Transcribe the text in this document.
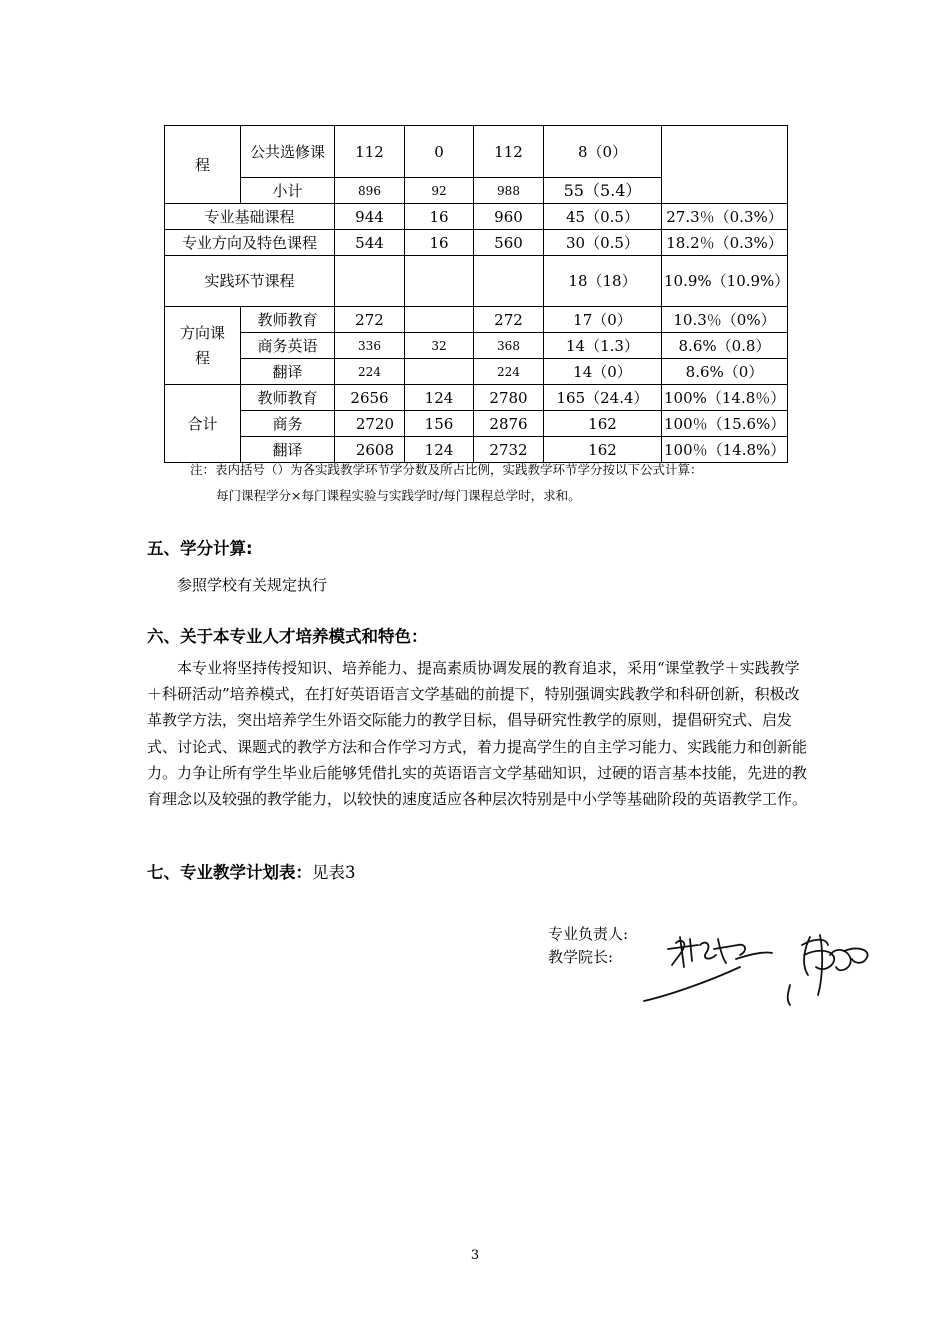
程	公共选修课	112	0	112	8（0）	
	小计	896	92	988	55（5.4）	
专业基础课程		944	16	960	45（0.5）	27.3％（0.3%）
专业方向及特色课程		544	16	560	30（0.5）	18.2％（0.3%）
实践环节课程					18（18）	10.9%（10.9%）
方向课程	教师教育	272		272	17（0）	10.3％（0%）
	商务英语	336	32	368	14（1.3）	8.6%（0.8）
	翻译	224		224	14（0）	8.6%（0）
合计	教师教育	2656	124	2780	165（24.4）	100%（14.8％）
	商务	2720	156	2876	162	100％（15.6%）
	翻译	2608	124	2732	162	100％（14.8%）
注：表内括号（）为各实践教学环节学分数及所占比例，实践教学环节学分按以下公式计算：
每门课程学分×每门课程实验与实践学时/每门课程总学时，求和。
五、学分计算:
参照学校有关规定执行
六、关于本专业人才培养模式和特色：
本专业将坚持传授知识、培养能力、提高素质协调发展的教育追求，采用“课堂教学＋实践教学＋科研活动”培养模式，在打好英语语言文学基础的前提下，特别强调实践教学和科研创新，积极改革教学方法，突出培养学生外语交际能力的教学目标，倡导研究性教学的原则，提倡研究式、启发式、讨论式、课题式的教学方法和合作学习方式，着力提高学生的自主学习能力、实践能力和创新能力。力争让所有学生毕业后能够凭借扎实的英语语言文学基础知识，过硬的语言基本技能，先进的教育理念以及较强的教学能力，以较快的速度适应各种层次特别是中小学等基础阶段的英语教学工作。
七、专业教学计划表：见表3
专业负责人:
教学院长:
3
